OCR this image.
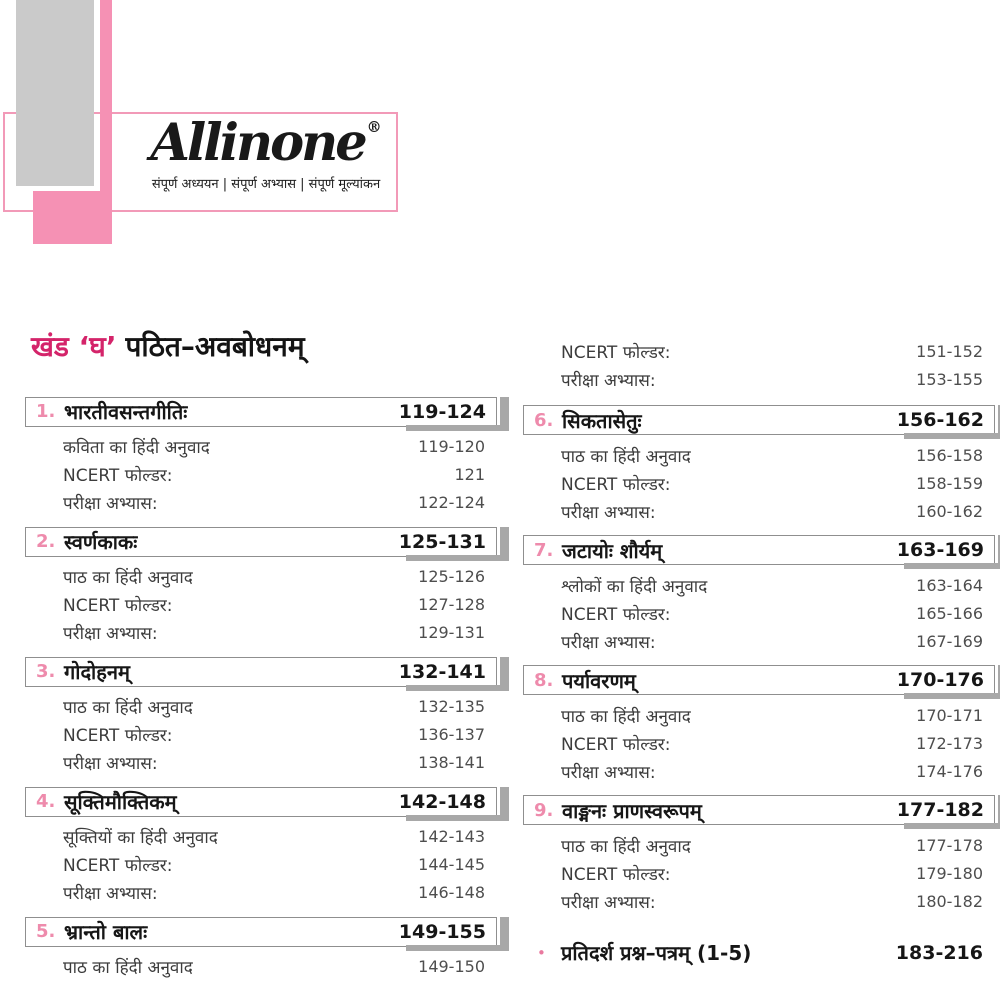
Allinone ®
संपूर्ण अध्ययन | संपूर्ण अभ्यास | संपूर्ण मूल्यांकन
खंड ‘घ’ पठित–अवबोधनम्
1. भारतीवसन्तगीतिः	119-124
कविता का हिंदी अनुवाद	119-120
NCERT फोल्डर:	121
परीक्षा अभ्यास:	122-124
2. स्वर्णकाकः	125-131
पाठ का हिंदी अनुवाद	125-126
NCERT फोल्डर:	127-128
परीक्षा अभ्यास:	129-131
3. गोदोहनम्	132-141
पाठ का हिंदी अनुवाद	132-135
NCERT फोल्डर:	136-137
परीक्षा अभ्यास:	138-141
4. सूक्तिमौक्तिकम्	142-148
सूक्तियों का हिंदी अनुवाद	142-143
NCERT फोल्डर:	144-145
परीक्षा अभ्यास:	146-148
5. भ्रान्तो बालः	149-155
पाठ का हिंदी अनुवाद	149-150
NCERT फोल्डर:	151-152
परीक्षा अभ्यास:	153-155
6. सिकतासेतुः	156-162
पाठ का हिंदी अनुवाद	156-158
NCERT फोल्डर:	158-159
परीक्षा अभ्यास:	160-162
7. जटायोः शौर्यम्	163-169
श्लोकों का हिंदी अनुवाद	163-164
NCERT फोल्डर:	165-166
परीक्षा अभ्यास:	167-169
8. पर्यावरणम्	170-176
पाठ का हिंदी अनुवाद	170-171
NCERT फोल्डर:	172-173
परीक्षा अभ्यास:	174-176
9. वाङ्मनः प्राणस्वरूपम्	177-182
पाठ का हिंदी अनुवाद	177-178
NCERT फोल्डर:	179-180
परीक्षा अभ्यास:	180-182
• प्रतिदर्श प्रश्न–पत्रम् (1-5)	183-216
